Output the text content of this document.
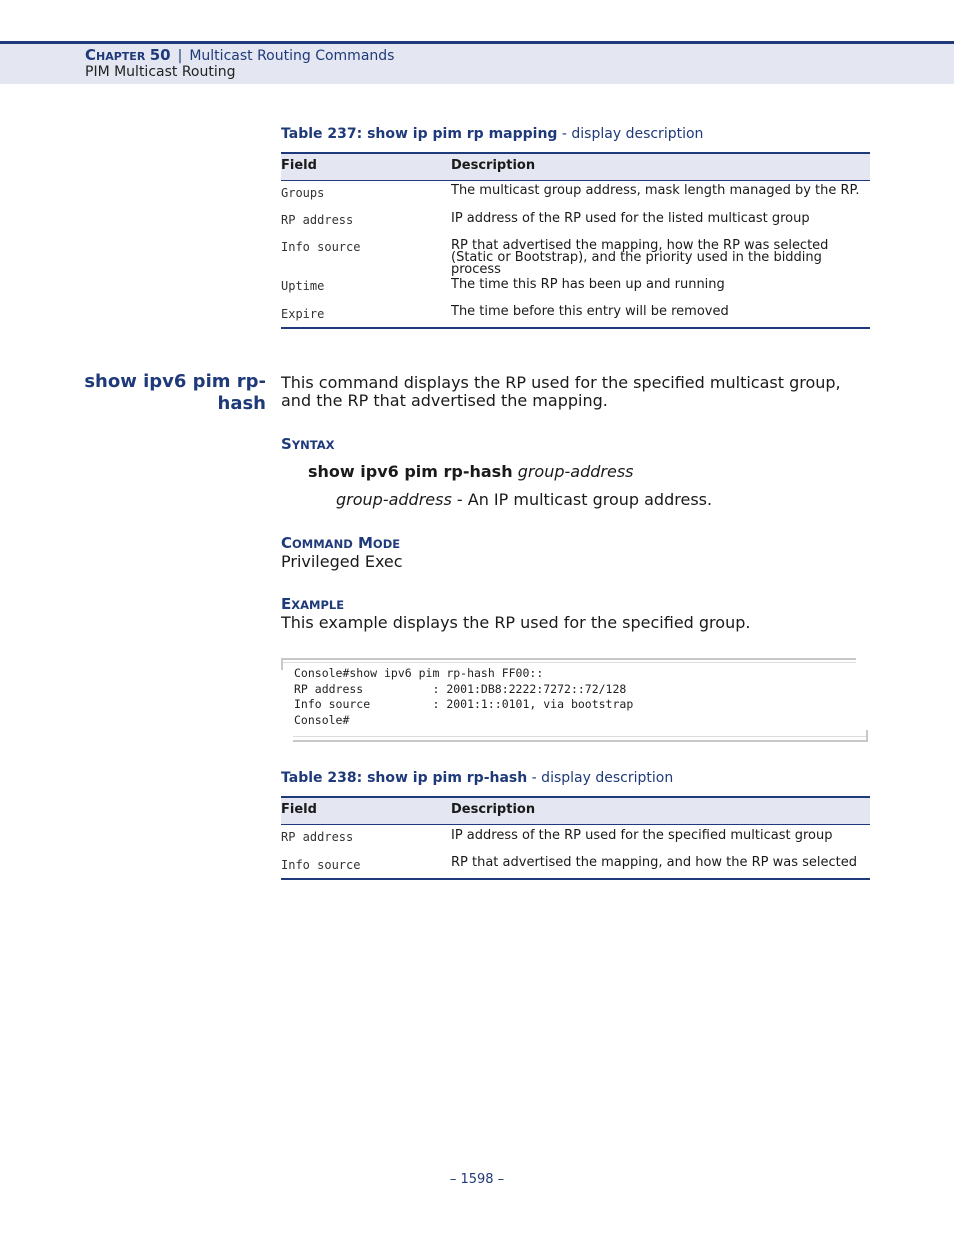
CHAPTER 50 | Multicast Routing Commands
PIM Multicast Routing
Table 237: show ip pim rp mapping - display description
Field	Description
Groups	The multicast group address, mask length managed by the RP.
RP address	IP address of the RP used for the listed multicast group
Info source	RP that advertised the mapping, how the RP was selected (Static or Bootstrap), and the priority used in the bidding process
Uptime	The time this RP has been up and running
Expire	The time before this entry will be removed
show ipv6 pim rp-
hash
This command displays the RP used for the specified multicast group, and the RP that advertised the mapping.
SYNTAX
show ipv6 pim rp-hash group-address
group-address - An IP multicast group address.
COMMAND MODE
Privileged Exec
EXAMPLE
This example displays the RP used for the specified group.
Console#show ipv6 pim rp-hash FF00::
RP address          : 2001:DB8:2222:7272::72/128
Info source         : 2001:1::0101, via bootstrap
Console#
Table 238: show ip pim rp-hash - display description
Field	Description
RP address	IP address of the RP used for the specified multicast group
Info source	RP that advertised the mapping, and how the RP was selected
– 1598 –
